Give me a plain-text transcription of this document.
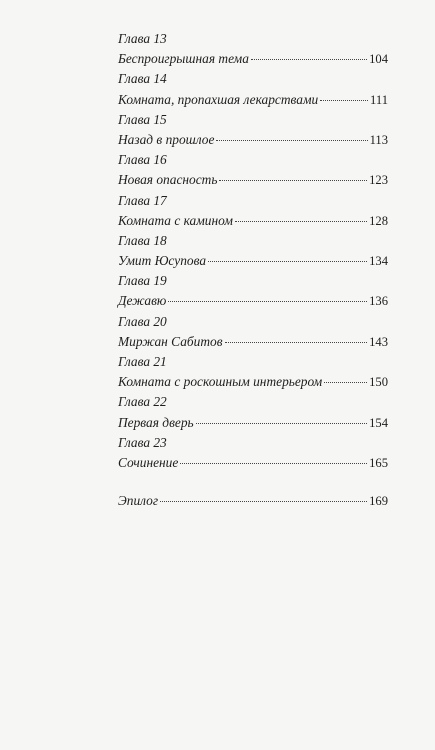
Глава 13
Беспроигрышная тема	104
Глава 14
Комната, пропахшая лекарствами	111
Глава 15
Назад в прошлое	113
Глава 16
Новая опасность	123
Глава 17
Комната с камином	128
Глава 18
Умит Юсупова	134
Глава 19
Дежавю	136
Глава 20
Миржан Сабитов	143
Глава 21
Комната с роскошным интерьером	150
Глава 22
Первая дверь	154
Глава 23
Сочинение	165
Эпилог	169
